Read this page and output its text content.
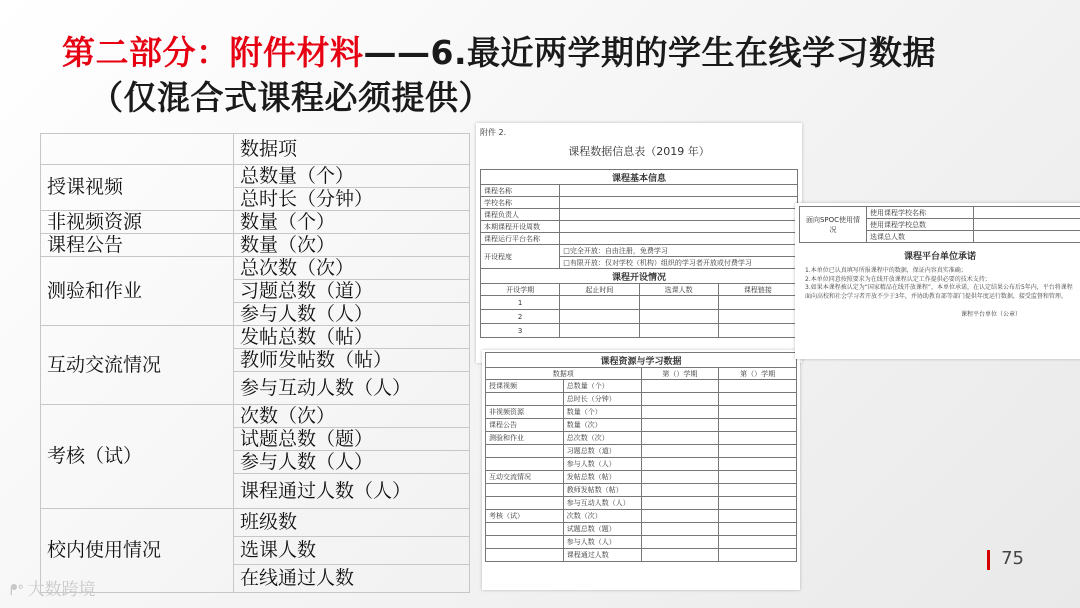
第二部分：附件材料——6.最近两学期的学生在线学习数据
（仅混合式课程必须提供）
	数据项
授课视频	总数量（个）
	总时长（分钟）
非视频资源	数量（个）
课程公告	数量（次）
测验和作业	总次数（次）
	习题总数（道）
	参与人数（人）
互动交流情况	发帖总数（帖）
	教师发帖数（帖）
	参与互动人数（人）
考核（试）	次数（次）
	试题总数（题）
	参与人数（人）
	课程通过人数（人）
校内使用情况	班级数
	选课人数
	在线通过人数
附件 2.
课程数据信息表（2019 年）
课程基本信息			
课程名称			
学校名称			
课程负责人			
本期课程开设周数			
课程运行平台名称			
开设程度	□完全开放：自由注册，免费学习		
	□有限开放：仅对学校（机构）组织的学习者开放或付费学习		
课程开设情况			
开设学期	起止时间	选课人数	课程链接
1			
2			
3			
课程资源与学习数据			
数据项		第（）学期	第（）学期
授课视频	总数量（个）		
	总时长（分钟）		
非视频资源	数量（个）		
课程公告	数量（次）		
测验和作业	总次数（次）		
	习题总数（道）		
	参与人数（人）		
互动交流情况	发帖总数（帖）		
	教师发帖数（帖）		
	参与互动人数（人）		
考核（试）	次数（次）		
	试题总数（题）		
	参与人数（人）		
	课程通过人数		
面向SPOC使用情况	使用课程学校名称	
	使用课程学校总数	
	选课总人数	
课程平台单位承诺
1.本单位已认真填写所报课程中的数据，保证内容真实准确；
2.本单位同意按照要求为在线开放课程认定工作提供必要的技术支持；
3.如果本课程被认定为“国家精品在线开放课程”，本单位承诺，在认定结果公布后5年内，平台将课程面向高校和社会学习者开放不少于3年，并协助教育部等部门提供年度运行数据，接受监督和管理。
课程平台单位（公章）
75
ᖰᐤ 大数跨境
